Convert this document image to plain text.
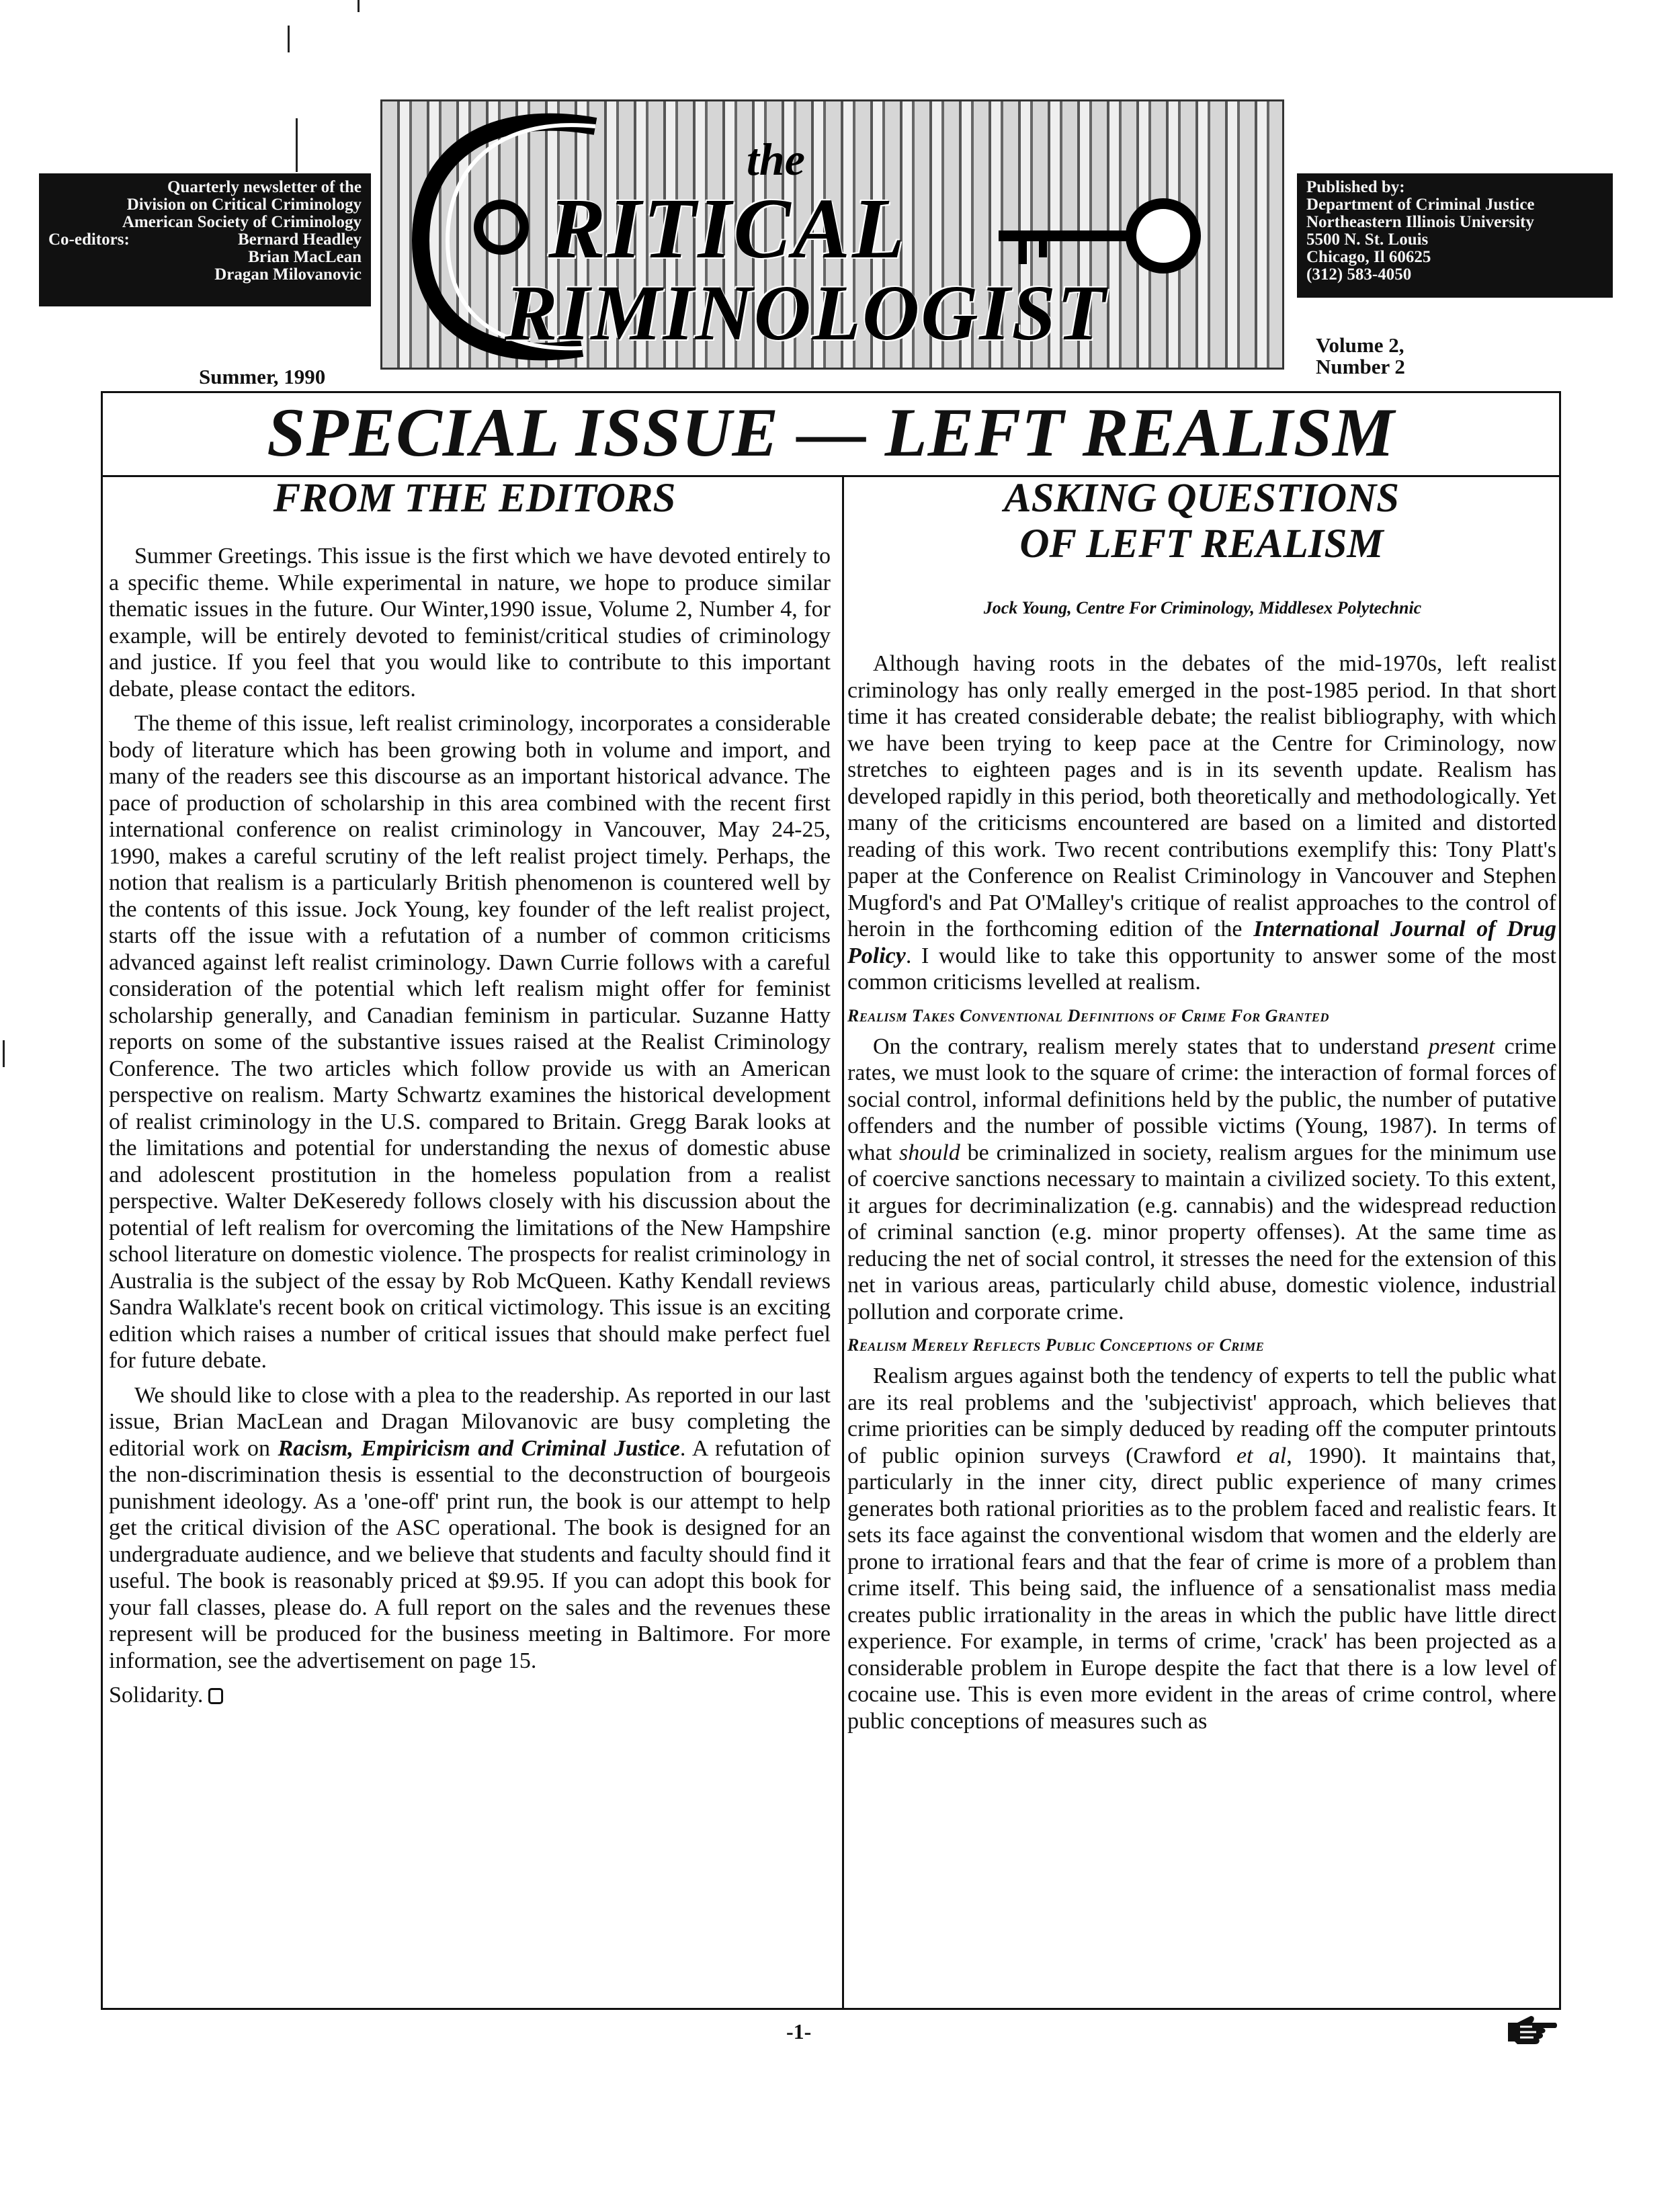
Quarterly newsletter of the
Division on Critical Criminology
American Society of Criminology
Co-editors:	Bernard Headley
Brian MacLean
Dragan Milovanovic
the
RITICAL
RIMINOLOGIST
Published by:
Department of Criminal Justice
Northeastern Illinois University
5500 N. St. Louis
Chicago, Il 60625
(312) 583-4050
Summer, 1990
Volume 2,
Number 2
SPECIAL ISSUE — LEFT REALISM
FROM THE EDITORS

Summer Greetings. This issue is the first which we have devoted entirely to a specific theme. While experimental in nature, we hope to produce similar thematic issues in the future. Our Winter,1990 issue, Volume 2, Number 4, for example, will be entirely devoted to feminist/critical studies of criminology and justice. If you feel that you would like to contribute to this important debate, please contact the editors.

The theme of this issue, left realist criminology, incorporates a considerable body of literature which has been growing both in volume and import, and many of the readers see this discourse as an important historical advance. The pace of production of scholarship in this area combined with the recent first international conference on realist criminology in Vancouver, May 24-25, 1990, makes a careful scrutiny of the left realist project timely. Perhaps, the notion that realism is a particularly British phenomenon is countered well by the contents of this issue. Jock Young, key founder of the left realist project, starts off the issue with a refutation of a number of common criticisms advanced against left realist criminology. Dawn Currie follows with a careful consideration of the potential which left realism might offer for feminist scholarship generally, and Canadian feminism in particular. Suzanne Hatty reports on some of the substantive issues raised at the Realist Criminology Conference. The two articles which follow provide us with an American perspective on realism. Marty Schwartz examines the historical development of realist criminology in the U.S. compared to Britain. Gregg Barak looks at the limitations and potential for understanding the nexus of domestic abuse and adolescent prostitution in the homeless population from a realist perspective. Walter DeKeseredy follows closely with his discussion about the potential of left realism for overcoming the limitations of the New Hampshire school literature on domestic violence. The prospects for realist criminology in Australia is the subject of the essay by Rob McQueen. Kathy Kendall reviews Sandra Walklate's recent book on critical victimology. This issue is an exciting edition which raises a number of critical issues that should make perfect fuel for future debate.

We should like to close with a plea to the readership. As reported in our last issue, Brian MacLean and Dragan Milovanovic are busy completing the editorial work on Racism, Empiricism and Criminal Justice. A refutation of the non-discrimination thesis is essential to the deconstruction of bourgeois punishment ideology. As a 'one-off' print run, the book is our attempt to help get the critical division of the ASC operational. The book is designed for an undergraduate audience, and we believe that students and faculty should find it useful. The book is reasonably priced at $9.95. If you can adopt this book for your fall classes, please do. A full report on the sales and the revenues these represent will be produced for the business meeting in Baltimore. For more information, see the advertisement on page 15.

Solidarity.

ASKING QUESTIONS
OF LEFT REALISM
Jock Young, Centre For Criminology, Middlesex Polytechnic

Although having roots in the debates of the mid-1970s, left realist criminology has only really emerged in the post-1985 period. In that short time it has created considerable debate; the realist bibliography, with which we have been trying to keep pace at the Centre for Criminology, now stretches to eighteen pages and is in its seventh update. Realism has developed rapidly in this period, both theoretically and methodologically. Yet many of the criticisms encountered are based on a limited and distorted reading of this work. Two recent contributions exemplify this: Tony Platt's paper at the Conference on Realist Criminology in Vancouver and Stephen Mugford's and Pat O'Malley's critique of realist approaches to the control of heroin in the forthcoming edition of the International Journal of Drug Policy. I would like to take this opportunity to answer some of the most common criticisms levelled at realism.

Realism Takes Conventional Definitions of Crime For Granted

On the contrary, realism merely states that to understand present crime rates, we must look to the square of crime: the interaction of formal forces of social control, informal definitions held by the public, the number of putative offenders and the number of possible victims (Young, 1987). In terms of what should be criminalized in society, realism argues for the minimum use of coercive sanctions necessary to maintain a civilized society. To this extent, it argues for decriminalization (e.g. cannabis) and the widespread reduction of criminal sanction (e.g. minor property offenses). At the same time as reducing the net of social control, it stresses the need for the extension of this net in various areas, particularly child abuse, domestic violence, industrial pollution and corporate crime.

Realism Merely Reflects Public Conceptions of Crime

Realism argues against both the tendency of experts to tell the public what are its real problems and the 'subjectivist' approach, which believes that crime priorities can be simply deduced by reading off the computer printouts of public opinion surveys (Crawford et al, 1990). It maintains that, particularly in the inner city, direct public experience of many crimes generates both rational priorities as to the problem faced and realistic fears. It sets its face against the conventional wisdom that women and the elderly are prone to irrational fears and that the fear of crime is more of a problem than crime itself. This being said, the influence of a sensationalist mass media creates public irrationality in the areas in which the public have little direct experience. For example, in terms of crime, 'crack' has been projected as a considerable problem in Europe despite the fact that there is a low level of cocaine use. This is even more evident in the areas of crime control, where public conceptions of measures such as

-1-
